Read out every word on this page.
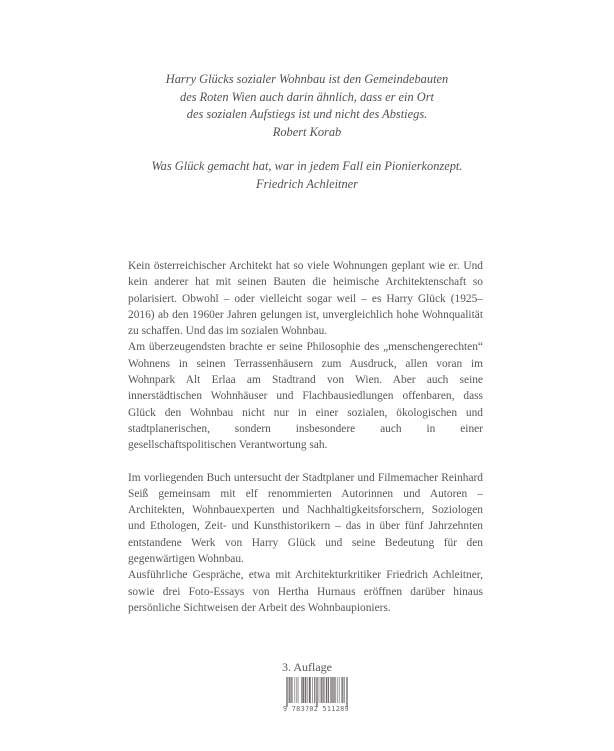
Harry Glücks sozialer Wohnbau ist den Gemeindebauten
des Roten Wien auch darin ähnlich, dass er ein Ort
des sozialen Aufstiegs ist und nicht des Abstiegs.
Robert Korab
Was Glück gemacht hat, war in jedem Fall ein Pionierkonzept.
Friedrich Achleitner

Kein österreichischer Architekt hat so viele Wohnungen geplant wie er. Und kein anderer hat mit seinen Bauten die heimische Architektenschaft so polarisiert. Obwohl – oder vielleicht sogar weil – es Harry Glück (1925–2016) ab den 1960er Jahren gelungen ist, unvergleichlich hohe Wohnqualität zu schaffen. Und das im sozialen Wohnbau.

Am überzeugendsten brachte er seine Philosophie des „menschengerechten“ Wohnens in seinen Terrassenhäusern zum Ausdruck, allen voran im Wohnpark Alt Erlaa am Stadtrand von Wien. Aber auch seine innerstädtischen Wohnhäuser und Flachbausiedlungen offenbaren, dass Glück den Wohnbau nicht nur in einer sozialen, ökologischen und stadtplanerischen, sondern insbesondere auch in einer gesellschaftspolitischen Verantwortung sah.

Im vorliegenden Buch untersucht der Stadtplaner und Filmemacher Reinhard Seiß gemeinsam mit elf renommierten Autorinnen und Autoren – Architekten, Wohnbauexperten und Nachhaltigkeitsforschern, Soziologen und Ethologen, Zeit- und Kunsthistorikern – das in über fünf Jahrzehnten entstandene Werk von Harry Glück und seine Bedeutung für den gegenwärtigen Wohnbau.

Ausführliche Gespräche, etwa mit Architekturkritiker Friedrich Achleitner, sowie drei Foto-Essays von Hertha Hurnaus eröffnen darüber hinaus persönliche Sichtweisen der Arbeit des Wohnbaupioniers.

3. Auflage
9 783702 511289
